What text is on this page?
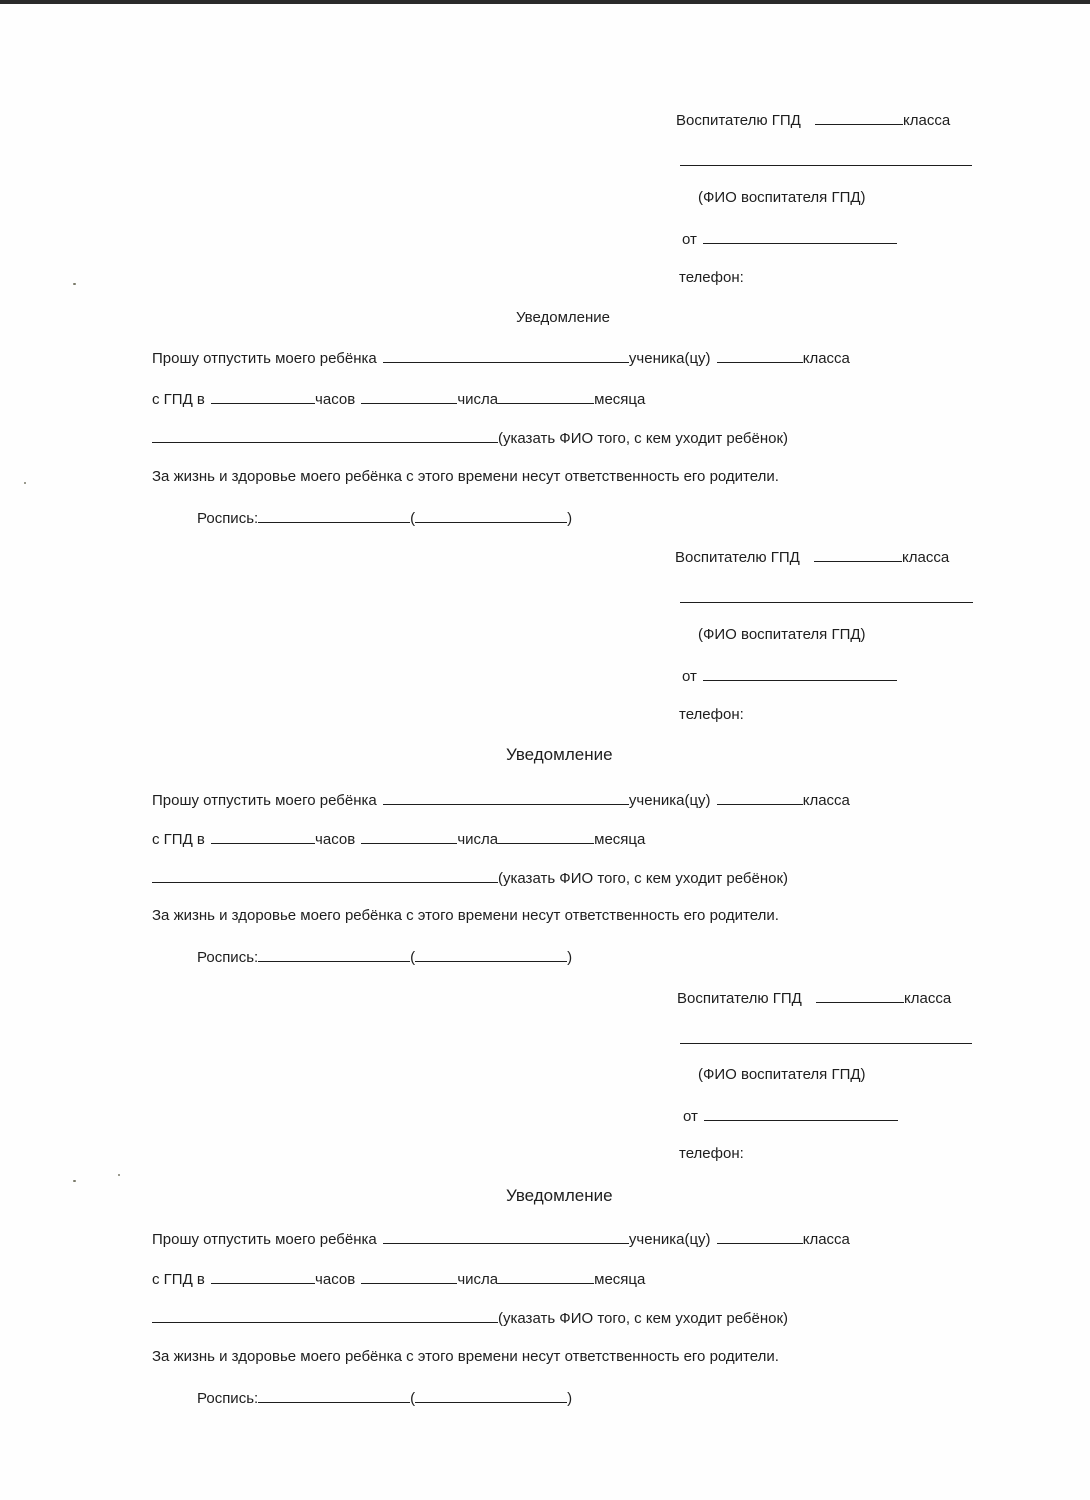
Воспитателю ГПД	класса
(ФИО воспитателя ГПД)
от
телефон:
Уведомление
Прошу отпустить моего ребёнка	ученика(цу)	класса
с ГПД в	часов	числа	месяца
(указать ФИО того, с кем уходит ребёнок)
За жизнь и здоровье моего ребёнка с этого времени несут ответственность его родители.
Роспись:	(	)
Воспитателю ГПД	класса
(ФИО воспитателя ГПД)
от
телефон:
Уведомление
Прошу отпустить моего ребёнка	ученика(цу)	класса
с ГПД в	часов	числа	месяца
(указать ФИО того, с кем уходит ребёнок)
За жизнь и здоровье моего ребёнка с этого времени несут ответственность его родители.
Роспись:	(	)
Воспитателю ГПД	класса
(ФИО воспитателя ГПД)
от
телефон:
Уведомление
Прошу отпустить моего ребёнка	ученика(цу)	класса
с ГПД в	часов	числа	месяца
(указать ФИО того, с кем уходит ребёнок)
За жизнь и здоровье моего ребёнка с этого времени несут ответственность его родители.
Роспись:	(	)
